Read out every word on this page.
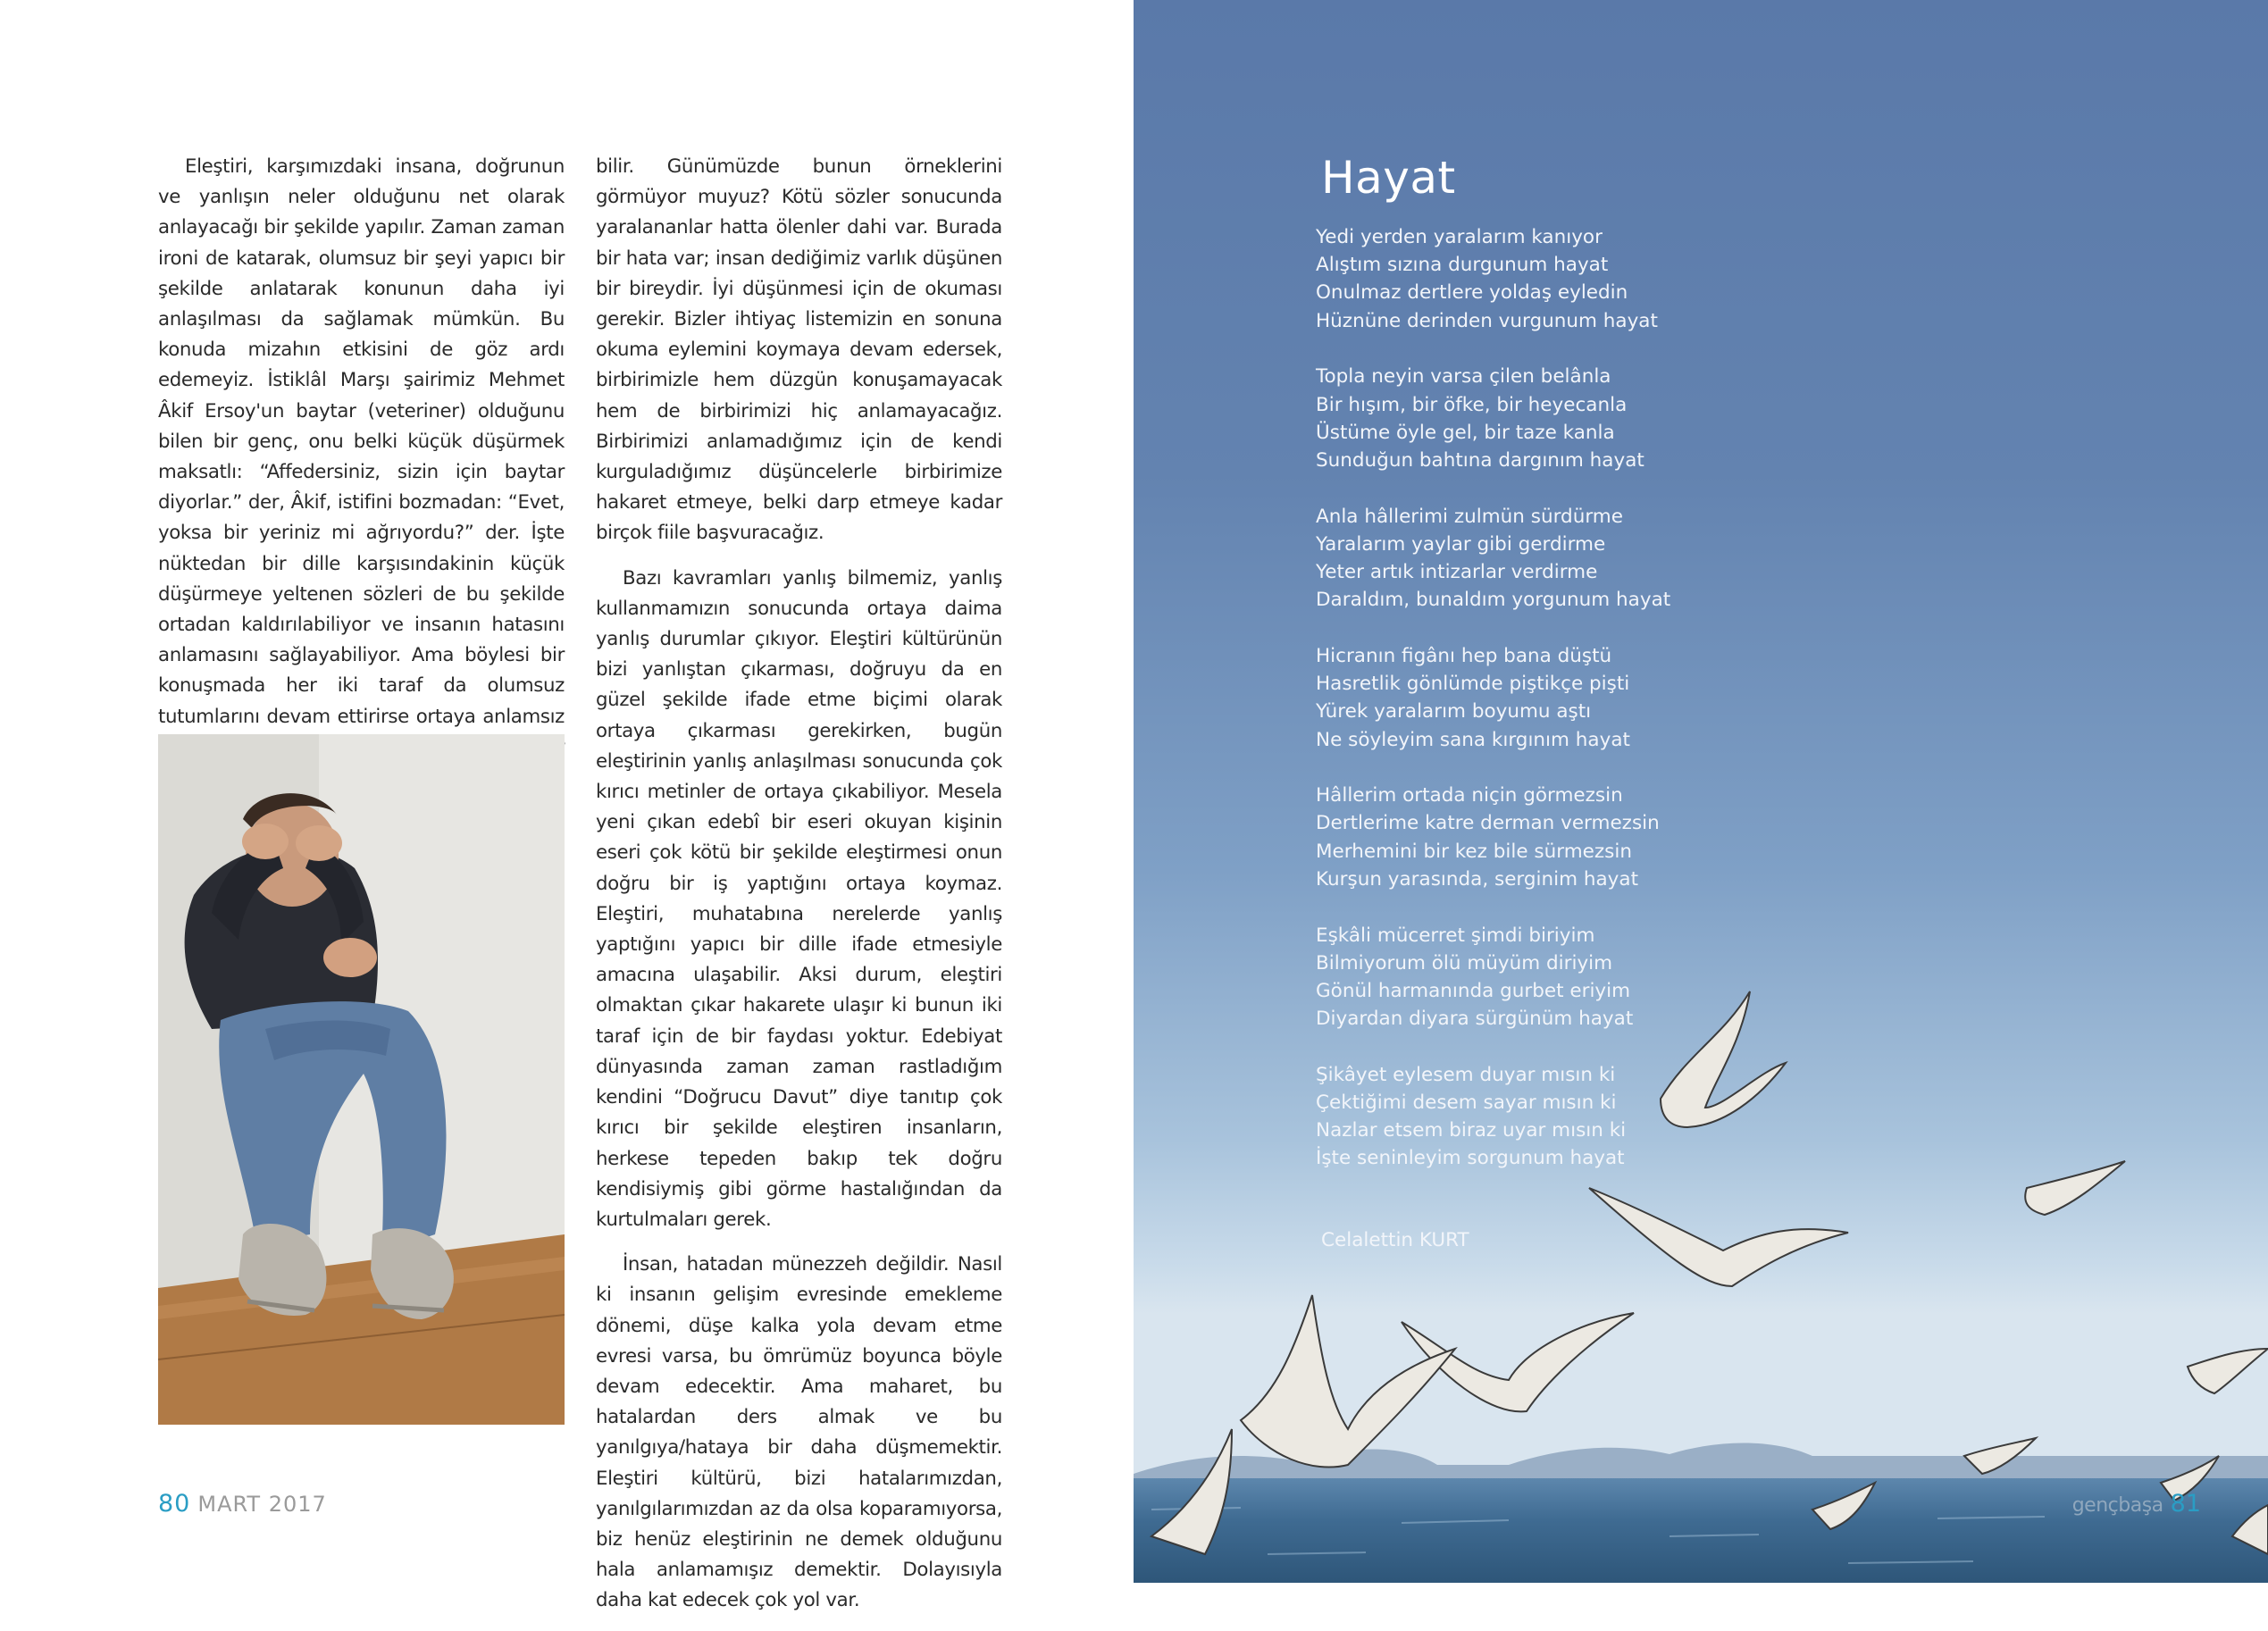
Eleştiri, karşımızdaki insana, doğrunun ve yanlışın neler olduğunu net olarak anlayacağı bir şekilde yapılır. Zaman zaman ironi de katarak, olumsuz bir şeyi yapıcı bir şekilde anlatarak konunun daha iyi anlaşılması da sağlamak mümkün. Bu konuda mizahın etkisini de göz ardı edemeyiz. İstiklâl Marşı şairimiz Mehmet Âkif Ersoy'un baytar (veteriner) olduğunu bilen bir genç, onu belki küçük düşürmek maksatlı: “Affedersiniz, sizin için baytar diyorlar.” der, Âkif, istifini bozmadan: “Evet, yoksa bir yeriniz mi ağrıyordu?” der. İşte nüktedan bir dille karşısındakinin küçük düşürmeye yeltenen sözleri de bu şekilde ortadan kaldırılabiliyor ve insanın hatasını anlamasını sağlayabiliyor. Ama böylesi bir konuşmada her iki taraf da olumsuz tutumlarını devam ettirirse ortaya anlamsız

bilir. Günümüzde bunun örneklerini görmüyor muyuz? Kötü sözler sonucunda yaralananlar hatta ölenler dahi var. Burada bir hata var; insan dediğimiz varlık düşünen bir bireydir. İyi düşünmesi için de okuması gerekir. Bizler ihtiyaç listemizin en sonuna okuma eylemini koymaya devam edersek, birbirimizle hem düzgün konuşamayacak hem de birbirimizi hiç anlamayacağız. Birbirimizi anlamadığımız için de kendi kurguladığımız düşüncelerle birbirimize hakaret etmeye, belki darp etmeye kadar birçok fiile başvuracağız.

Bazı kavramları yanlış bilmemiz, yanlış kullanmamızın sonucunda ortaya daima yanlış durumlar çıkıyor. Eleştiri kültürünün bizi yanlıştan çıkarması, doğruyu da en güzel şekilde ifade etme biçimi olarak ortaya çıkarması gerekirken, bugün eleştirinin yanlış anlaşılması sonucunda çok kırıcı metinler de ortaya çıkabiliyor. Mesela yeni çıkan edebî bir eseri okuyan kişinin eseri çok kötü bir şekilde eleştirmesi onun doğru bir iş yaptığını ortaya koymaz. Eleştiri, muhatabına nerelerde yanlış yaptığını yapıcı bir dille ifade etmesiyle amacına ulaşabilir. Aksi durum, eleştiri olmaktan çıkar hakarete ulaşır ki bunun iki taraf için de bir faydası yoktur. Edebiyat dünyasında zaman zaman rastladığım kendini “Doğrucu Davut” diye tanıtıp çok kırıcı bir şekilde eleştiren insanların, herkese tepeden bakıp tek doğru kendisiymiş gibi görme hastalığından da kurtulmaları gerek.

İnsan, hatadan münezzeh değildir. Nasıl ki insanın gelişim evresinde emekleme dönemi, düşe kalka yola devam etme evresi varsa, bu ömrümüz boyunca böyle devam edecektir. Ama maharet, bu hatalardan ders almak ve bu yanılgıya/hataya bir daha düşmemektir. Eleştiri kültürü, bizi hatalarımızdan, yanılgılarımızdan az da olsa koparamıyorsa, biz henüz eleştirinin ne demek olduğunu hala anlamamışız demektir. Dolayısıyla daha kat edecek çok yol var.

80 MART 2017
Hayat
Yedi yerden yaralarım kanıyor
Alıştım sızına durgunum hayat
Onulmaz dertlere yoldaş eyledin
Hüznüne derinden vurgunum hayat
Topla neyin varsa çilen belânla
Bir hışım, bir öfke, bir heyecanla
Üstüme öyle gel, bir taze kanla
Sunduğun bahtına dargınım hayat
Anla hâllerimi zulmün sürdürme
Yaralarım yaylar gibi gerdirme
Yeter artık intizarlar verdirme
Daraldım, bunaldım yorgunum hayat
Hicranın figânı hep bana düştü
Hasretlik gönlümde piştikçe pişti
Yürek yaralarım boyumu aştı
Ne söyleyim sana kırgınım hayat
Hâllerim ortada niçin görmezsin
Dertlerime katre derman vermezsin
Merhemini bir kez bile sürmezsin
Kurşun yarasında, serginim hayat
Eşkâli mücerret şimdi biriyim
Bilmiyorum ölü müyüm diriyim
Gönül harmanında gurbet eriyim
Diyardan diyara sürgünüm hayat
Şikâyet eylesem duyar mısın ki
Çektiğimi desem sayar mısın ki
Nazlar etsem biraz uyar mısın ki
İşte seninleyim sorgunum hayat
Celalettin KURT
gençbaşa 81
